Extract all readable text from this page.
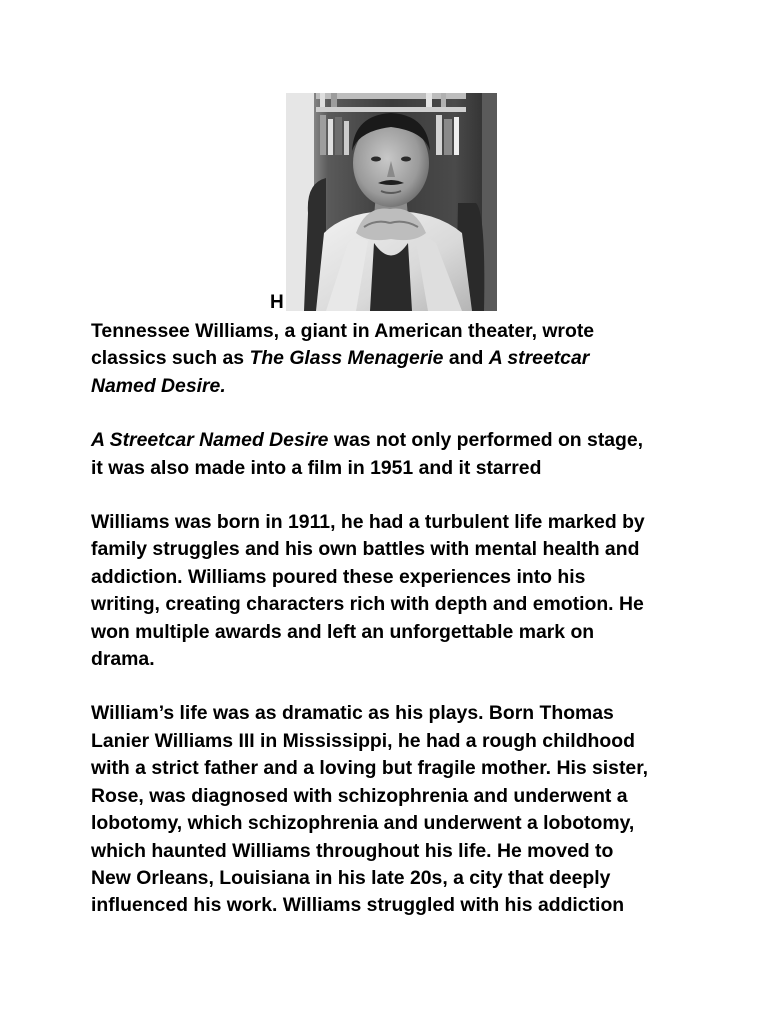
H

Tennessee Williams, a giant in American theater, wrote
classics such as The Glass Menagerie and A streetcar
Named Desire.

A Streetcar Named Desire was not only performed on stage,
it was also made into a film in 1951 and it starred

Williams was born in 1911, he had a turbulent life marked by
family struggles and his own battles with mental health and
addiction. Williams poured these experiences into his
writing, creating characters rich with depth and emotion. He
won multiple awards and left an unforgettable mark on
drama.

William’s life was as dramatic as his plays. Born Thomas
Lanier Williams III in Mississippi, he had a rough childhood
with a strict father and a loving but fragile mother. His sister,
Rose, was diagnosed with schizophrenia and underwent a
lobotomy, which schizophrenia and underwent a lobotomy,
which haunted Williams throughout his life. He moved to
New Orleans, Louisiana in his late 20s, a city that deeply
influenced his work. Williams struggled with his addiction
